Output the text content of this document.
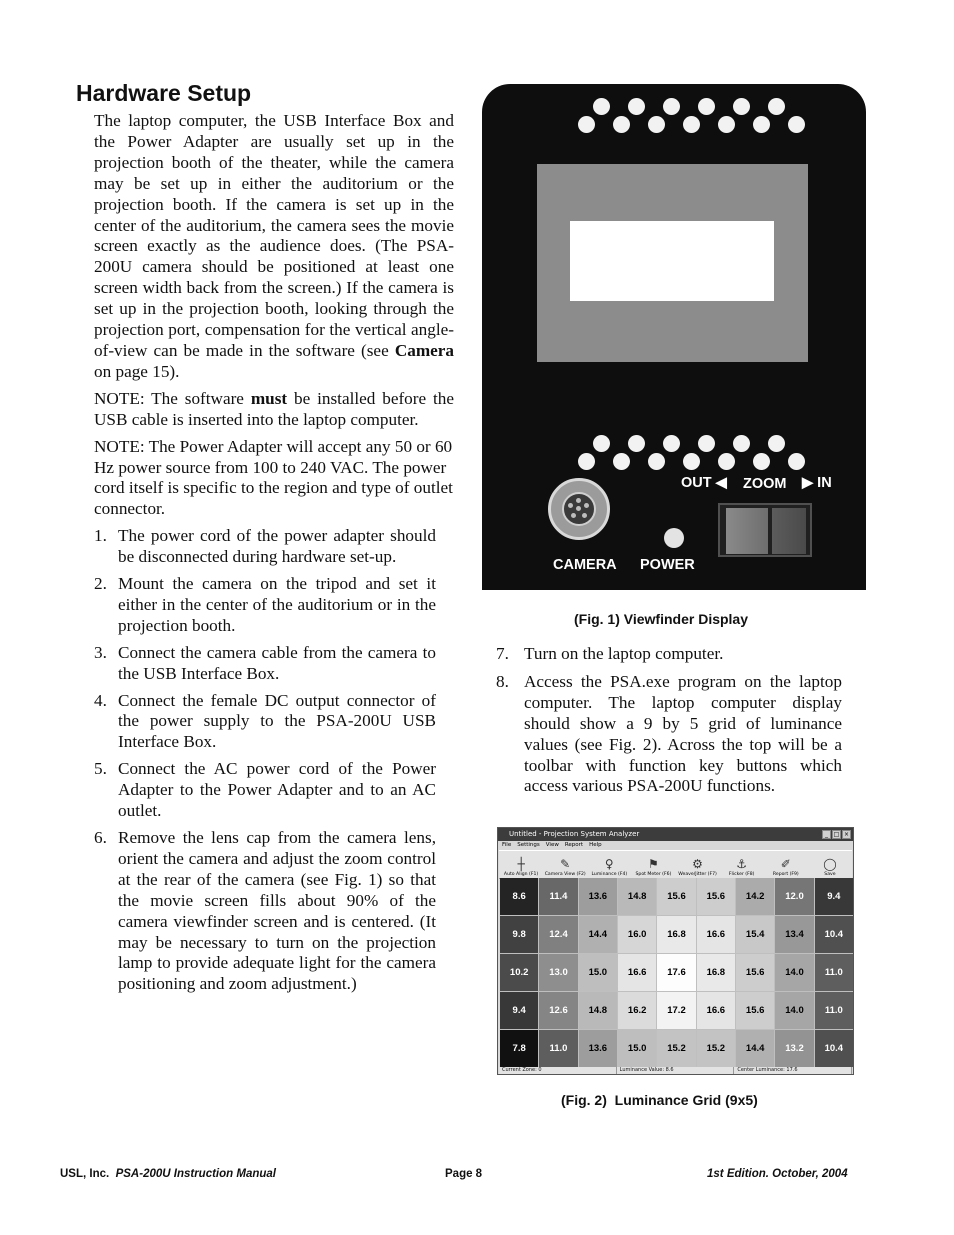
Hardware Setup

The laptop computer, the USB Interface Box and the Power Adapter are usually set up in the projection booth of the theater, while the camera may be set up in either the auditorium or the projection booth. If the camera is set up in the center of the auditorium, the camera sees the movie screen exactly as the audience does. (The PSA-200U camera should be positioned at least one screen width back from the screen.) If the camera is set up in the projection booth, looking through the projection port, compensation for the vertical angle-of-view can be made in the software (see Camera on page 15).

NOTE: The software must be installed before the USB cable is inserted into the laptop computer.

NOTE: The Power Adapter will accept any 50 or 60 Hz power source from 100 to 240 VAC. The power cord itself is specific to the region and type of outlet connector.

1. The power cord of the power adapter should be disconnected during hardware set-up.
2. Mount the camera on the tripod and set it either in the center of the auditorium or in the projection booth.
3. Connect the camera cable from the camera to the USB Interface Box.
4. Connect the female DC output connector of the power supply to the PSA-200U USB Interface Box.
5. Connect the AC power cord of the Power Adapter to the Power Adapter and to an AC outlet.
6. Remove the lens cap from the camera lens, orient the camera and adjust the zoom control at the rear of the camera (see Fig. 1) so that the movie screen fills about 90% of the camera viewfinder screen and is centered. (It may be necessary to turn on the projection lamp to provide adequate light for the camera positioning and zoom adjustment.)
OUT ◀ ZOOM ▶ IN
CAMERA POWER
(Fig. 1) Viewfinder Display
7. Turn on the laptop computer.
8. Access the PSA.exe program on the laptop computer. The laptop computer display should show a 9 by 5 grid of luminance values (see Fig. 2). Across the top will be a toolbar with function key buttons which access various PSA-200U functions.
Untitled - Projection System Analyzer	_ □ ×
File Settings View Report Help
┼
Auto Align (F1)
✎
Camera View (F2)
♀
Luminance (F4)
⚑
Spot Meter (F6)
⚙
Weave/Jitter (F7)
⚓
Flicker (F8)
✐
Report (F9)
◯
Save
8.6	11.4	13.6	14.8	15.6	15.6	14.2	12.0	9.4
9.8	12.4	14.4	16.0	16.8	16.6	15.4	13.4	10.4
10.2	13.0	15.0	16.6	17.6	16.8	15.6	14.0	11.0
9.4	12.6	14.8	16.2	17.2	16.6	15.6	14.0	11.0
7.8	11.0	13.6	15.0	15.2	15.2	14.4	13.2	10.4
Current Zone: 0	Luminance Value: 8.6	Center Luminance: 17.6
(Fig. 2)  Luminance Grid (9x5)
USL, Inc. PSA-200U Instruction Manual	Page 8	1st Edition. October, 2004
